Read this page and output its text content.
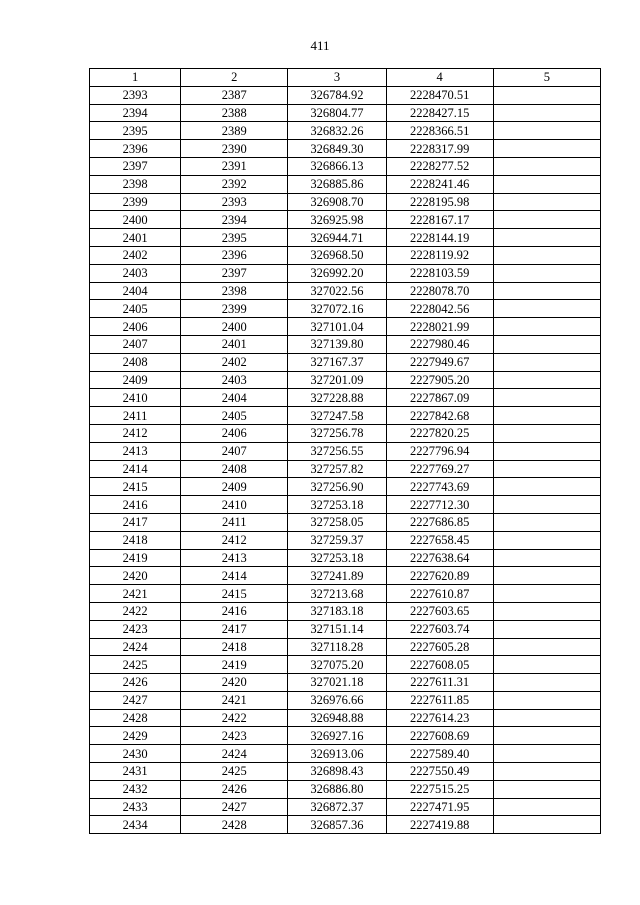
411
1	2	3	4	5
2393	2387	326784.92	2228470.51	
2394	2388	326804.77	2228427.15	
2395	2389	326832.26	2228366.51	
2396	2390	326849.30	2228317.99	
2397	2391	326866.13	2228277.52	
2398	2392	326885.86	2228241.46	
2399	2393	326908.70	2228195.98	
2400	2394	326925.98	2228167.17	
2401	2395	326944.71	2228144.19	
2402	2396	326968.50	2228119.92	
2403	2397	326992.20	2228103.59	
2404	2398	327022.56	2228078.70	
2405	2399	327072.16	2228042.56	
2406	2400	327101.04	2228021.99	
2407	2401	327139.80	2227980.46	
2408	2402	327167.37	2227949.67	
2409	2403	327201.09	2227905.20	
2410	2404	327228.88	2227867.09	
2411	2405	327247.58	2227842.68	
2412	2406	327256.78	2227820.25	
2413	2407	327256.55	2227796.94	
2414	2408	327257.82	2227769.27	
2415	2409	327256.90	2227743.69	
2416	2410	327253.18	2227712.30	
2417	2411	327258.05	2227686.85	
2418	2412	327259.37	2227658.45	
2419	2413	327253.18	2227638.64	
2420	2414	327241.89	2227620.89	
2421	2415	327213.68	2227610.87	
2422	2416	327183.18	2227603.65	
2423	2417	327151.14	2227603.74	
2424	2418	327118.28	2227605.28	
2425	2419	327075.20	2227608.05	
2426	2420	327021.18	2227611.31	
2427	2421	326976.66	2227611.85	
2428	2422	326948.88	2227614.23	
2429	2423	326927.16	2227608.69	
2430	2424	326913.06	2227589.40	
2431	2425	326898.43	2227550.49	
2432	2426	326886.80	2227515.25	
2433	2427	326872.37	2227471.95	
2434	2428	326857.36	2227419.88	
